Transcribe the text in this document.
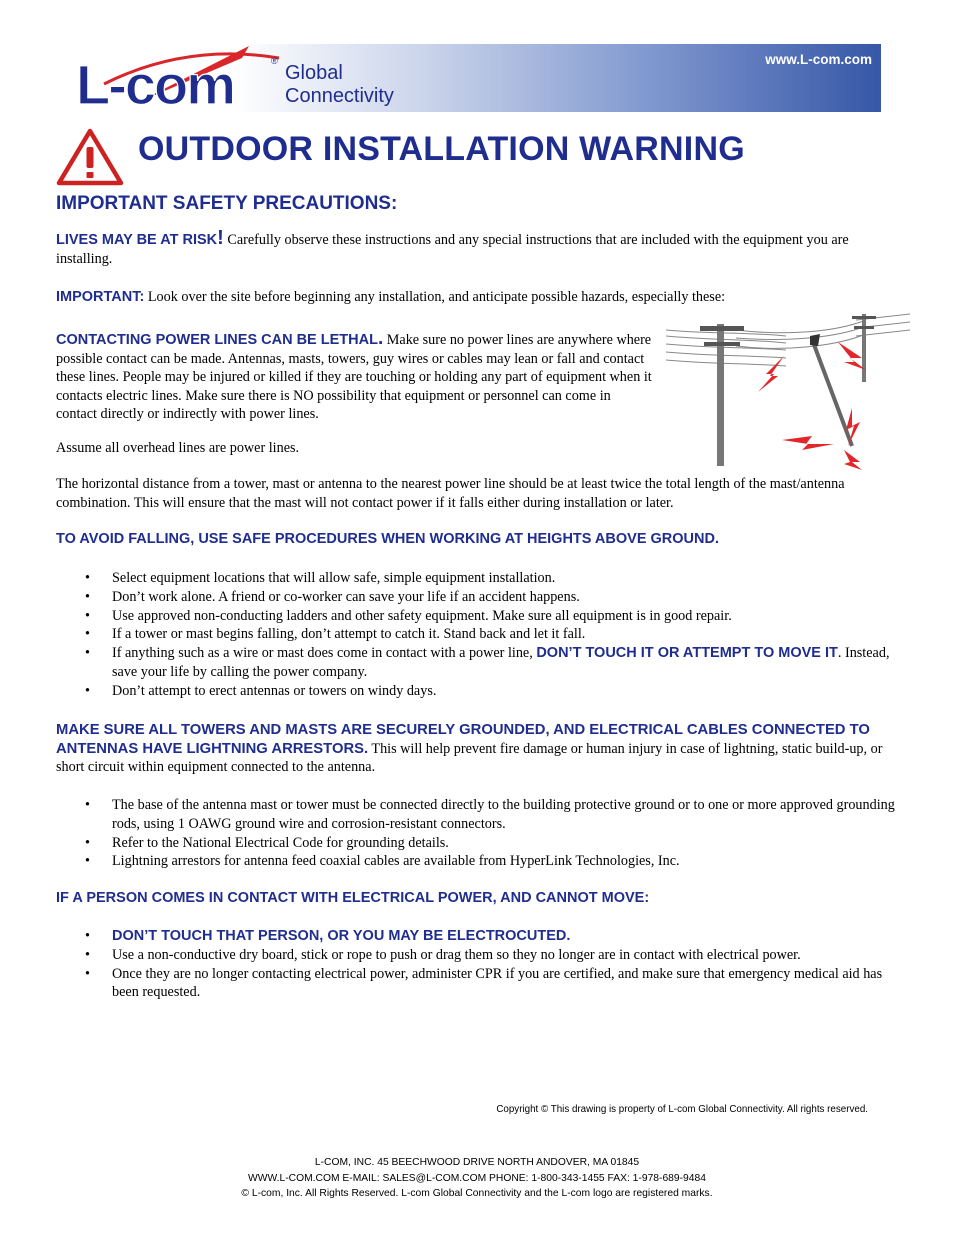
www.L-com.com
L-com	®
Global
Connectivity
OUTDOOR INSTALLATION WARNING
IMPORTANT SAFETY PRECAUTIONS:
LIVES MAY BE AT RISK! Carefully observe these instructions and any special instructions that are included with the equipment you are installing.
IMPORTANT: Look over the site before beginning any installation, and anticipate possible hazards, especially these:
CONTACTING POWER LINES CAN BE LETHAL. Make sure no power lines are anywhere where possible contact can be made. Antennas, masts, towers, guy wires or cables may lean or fall and contact these lines. People may be injured or killed if they are touching or holding any part of equipment when it contacts electric lines. Make sure there is NO possibility that equipment or personnel can come in contact directly or indirectly with power lines.
Assume all overhead lines are power lines.
The horizontal distance from a tower, mast or antenna to the nearest power line should be at least twice the total length of the mast/antenna combination. This will ensure that the mast will not contact power if it falls either during installation or later.
TO AVOID FALLING, USE SAFE PROCEDURES WHEN WORKING AT HEIGHTS ABOVE GROUND.
• Select equipment locations that will allow safe, simple equipment installation.
• Don’t work alone. A friend or co-worker can save your life if an accident happens.
• Use approved non-conducting ladders and other safety equipment. Make sure all equipment is in good repair.
• If a tower or mast begins falling, don’t attempt to catch it. Stand back and let it fall.
• If anything such as a wire or mast does come in contact with a power line, DON’T TOUCH IT OR ATTEMPT TO MOVE IT. Instead, save your life by calling the power company.
• Don’t attempt to erect antennas or towers on windy days.
MAKE SURE ALL TOWERS AND MASTS ARE SECURELY GROUNDED, AND ELECTRICAL CABLES CONNECTED TO ANTENNAS HAVE LIGHTNING ARRESTORS. This will help prevent fire damage or human injury in case of lightning, static build-up, or short circuit within equipment connected to the antenna.
• The base of the antenna mast or tower must be connected directly to the building protective ground or to one or more approved grounding rods, using 1 OAWG ground wire and corrosion-resistant connectors.
• Refer to the National Electrical Code for grounding details.
• Lightning arrestors for antenna feed coaxial cables are available from HyperLink Technologies, Inc.
IF A PERSON COMES IN CONTACT WITH ELECTRICAL POWER, AND CANNOT MOVE:
• DON’T TOUCH THAT PERSON, OR YOU MAY BE ELECTROCUTED.
• Use a non-conductive dry board, stick or rope to push or drag them so they no longer are in contact with electrical power.
• Once they are no longer contacting electrical power, administer CPR if you are certified, and make sure that emergency medical aid has been requested.
Copyright © This drawing is property of L-com Global Connectivity. All rights reserved.
L-COM, INC. 45 BEECHWOOD DRIVE NORTH ANDOVER, MA 01845
WWW.L-COM.COM E-MAIL: SALES@L-COM.COM PHONE: 1-800-343-1455 FAX: 1-978-689-9484
© L-com, Inc. All Rights Reserved. L-com Global Connectivity and the L-com logo are registered marks.
